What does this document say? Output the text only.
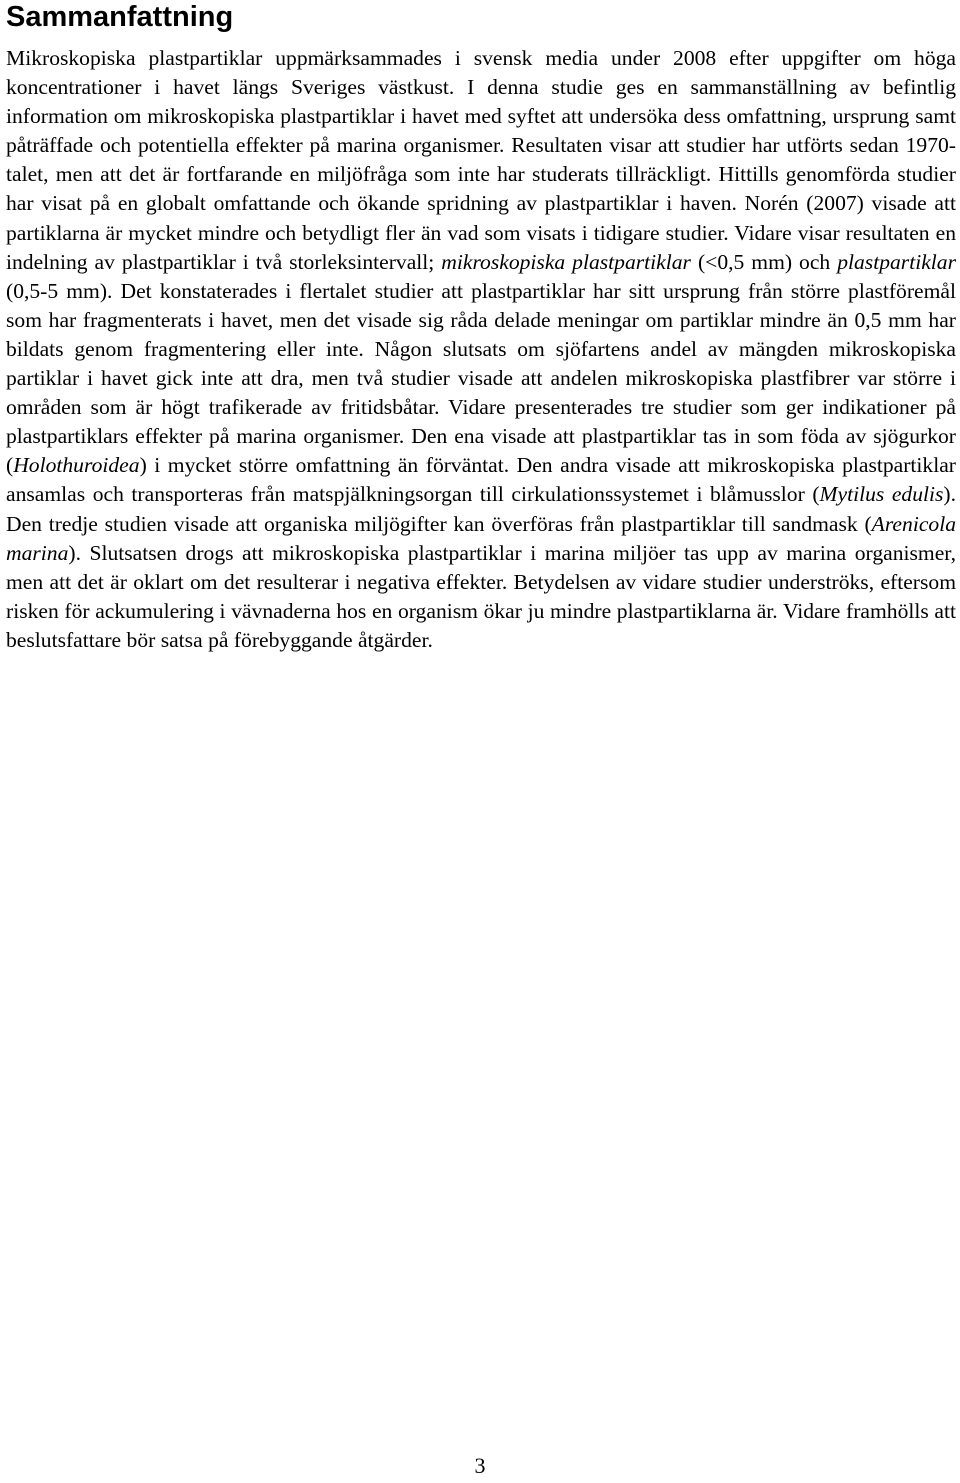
Sammanfattning

Mikroskopiska plastpartiklar uppmärksammades i svensk media under 2008 efter uppgifter om höga koncentrationer i havet längs Sveriges västkust. I denna studie ges en sammanställning av befintlig information om mikroskopiska plastpartiklar i havet med syftet att undersöka dess omfattning, ursprung samt påträffade och potentiella effekter på marina organismer. Resultaten visar att studier har utförts sedan 1970-talet, men att det är fortfarande en miljöfråga som inte har studerats tillräckligt. Hittills genomförda studier har visat på en globalt omfattande och ökande spridning av plastpartiklar i haven. Norén (2007) visade att partiklarna är mycket mindre och betydligt fler än vad som visats i tidigare studier. Vidare visar resultaten en indelning av plastpartiklar i två storleksintervall; mikroskopiska plastpartiklar (<0,5 mm) och plastpartiklar (0,5-5 mm). Det konstaterades i flertalet studier att plastpartiklar har sitt ursprung från större plastföremål som har fragmenterats i havet, men det visade sig råda delade meningar om partiklar mindre än 0,5 mm har bildats genom fragmentering eller inte. Någon slutsats om sjöfartens andel av mängden mikroskopiska partiklar i havet gick inte att dra, men två studier visade att andelen mikroskopiska plastfibrer var större i områden som är högt trafikerade av fritidsbåtar. Vidare presenterades tre studier som ger indikationer på plastpartiklars effekter på marina organismer. Den ena visade att plastpartiklar tas in som föda av sjögurkor (Holothuroidea) i mycket större omfattning än förväntat. Den andra visade att mikroskopiska plastpartiklar ansamlas och transporteras från matspjälkningsorgan till cirkulationssystemet i blåmusslor (Mytilus edulis). Den tredje studien visade att organiska miljögifter kan överföras från plastpartiklar till sandmask (Arenicola marina). Slutsatsen drogs att mikroskopiska plastpartiklar i marina miljöer tas upp av marina organismer, men att det är oklart om det resulterar i negativa effekter. Betydelsen av vidare studier underströks, eftersom risken för ackumulering i vävnaderna hos en organism ökar ju mindre plastpartiklarna är. Vidare framhölls att beslutsfattare bör satsa på förebyggande åtgärder.

3
